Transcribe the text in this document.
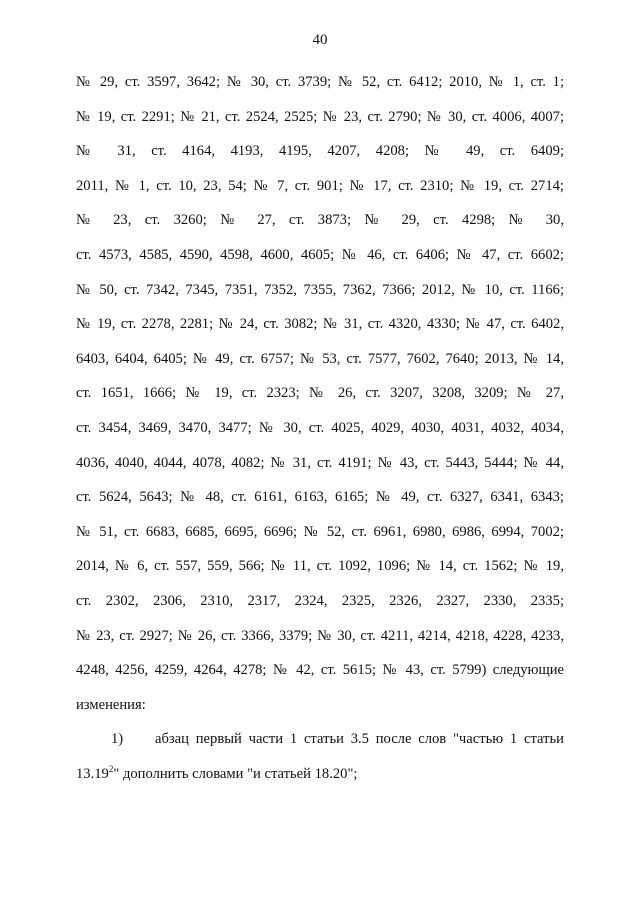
40
№ 29, ст. 3597, 3642; № 30, ст. 3739; № 52, ст. 6412; 2010, № 1, ст. 1;
№ 19, ст. 2291; № 21, ст. 2524, 2525; № 23, ст. 2790; № 30, ст. 4006, 4007;
№ 31, ст. 4164, 4193, 4195, 4207, 4208; № 49, ст. 6409;
2011, № 1, ст. 10, 23, 54; № 7, ст. 901; № 17, ст. 2310; № 19, ст. 2714;
№ 23, ст. 3260; № 27, ст. 3873; № 29, ст. 4298; № 30,
ст. 4573, 4585, 4590, 4598, 4600, 4605; № 46, ст. 6406; № 47, ст. 6602;
№ 50, ст. 7342, 7345, 7351, 7352, 7355, 7362, 7366; 2012, № 10, ст. 1166;
№ 19, ст. 2278, 2281; № 24, ст. 3082; № 31, ст. 4320, 4330; № 47, ст. 6402,
6403, 6404, 6405; № 49, ст. 6757; № 53, ст. 7577, 7602, 7640; 2013, № 14,
ст. 1651, 1666; № 19, ст. 2323; № 26, ст. 3207, 3208, 3209; № 27,
ст. 3454, 3469, 3470, 3477; № 30, ст. 4025, 4029, 4030, 4031, 4032, 4034,
4036, 4040, 4044, 4078, 4082; № 31, ст. 4191; № 43, ст. 5443, 5444; № 44,
ст. 5624, 5643; № 48, ст. 6161, 6163, 6165; № 49, ст. 6327, 6341, 6343;
№ 51, ст. 6683, 6685, 6695, 6696; № 52, ст. 6961, 6980, 6986, 6994, 7002;
2014, № 6, ст. 557, 559, 566; № 11, ст. 1092, 1096; № 14, ст. 1562; № 19,
ст. 2302, 2306, 2310, 2317, 2324, 2325, 2326, 2327, 2330, 2335;
№ 23, ст. 2927; № 26, ст. 3366, 3379; № 30, ст. 4211, 4214, 4218, 4228, 4233,
4248, 4256, 4259, 4264, 4278; № 42, ст. 5615; № 43, ст. 5799) следующие
изменения:
1)	абзац первый части 1 статьи 3.5 после слов "частью 1 статьи
13.19$^2$" дополнить словами "и статьей 18.20";
